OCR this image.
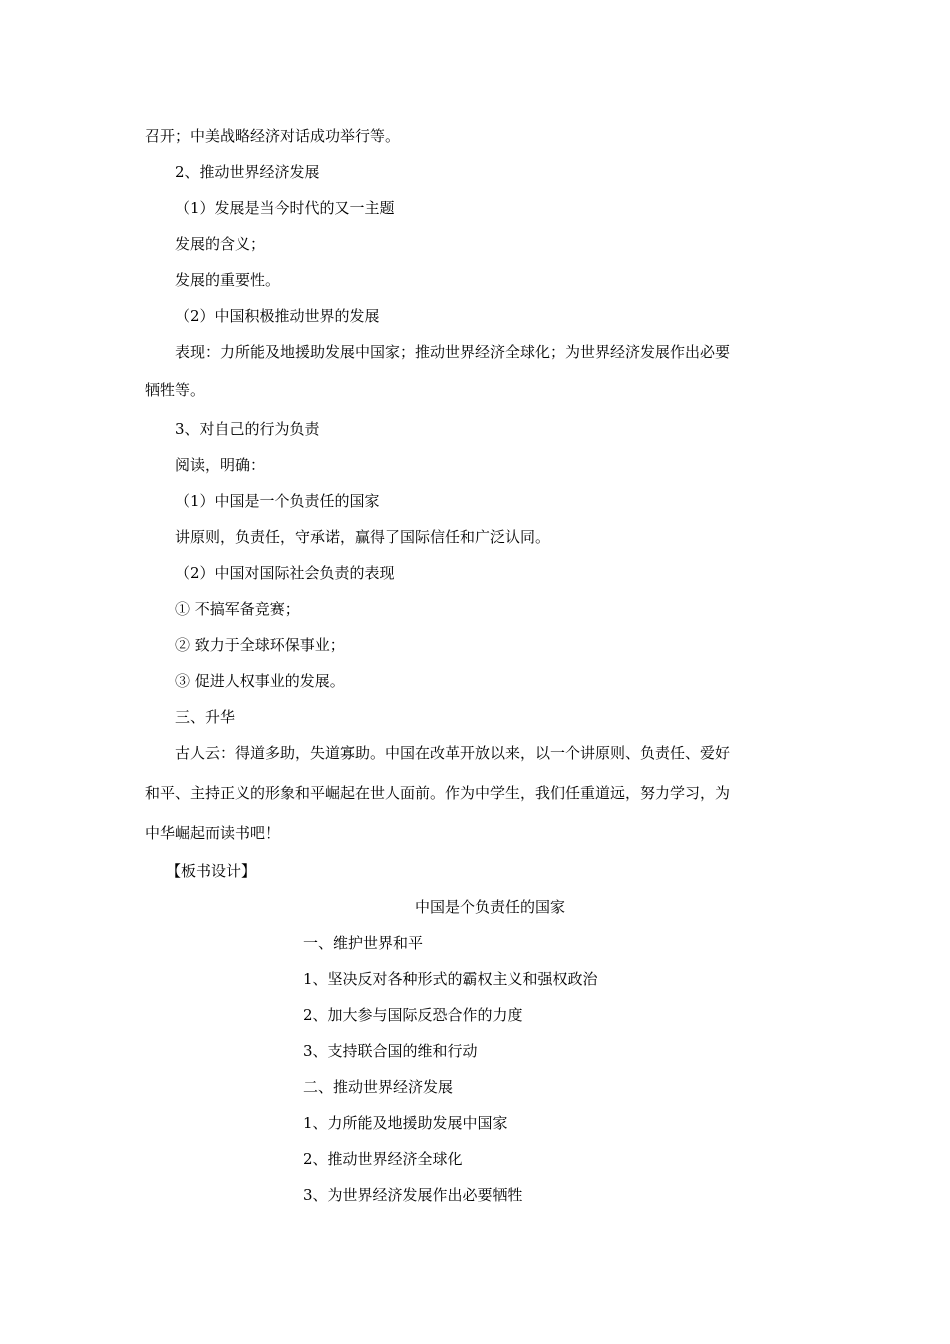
召开；中美战略经济对话成功举行等。
2、推动世界经济发展
（1）发展是当今时代的又一主题
发展的含义；
发展的重要性。
（2）中国积极推动世界的发展
表现：力所能及地援助发展中国家；推动世界经济全球化；为世界经济发展作出必要
牺牲等。
3、对自己的行为负责
阅读，明确：
（1）中国是一个负责任的国家
讲原则，负责任，守承诺，赢得了国际信任和广泛认同。
（2）中国对国际社会负责的表现
① 不搞军备竞赛；
② 致力于全球环保事业；
③ 促进人权事业的发展。
三、升华
古人云：得道多助，失道寡助。中国在改革开放以来，以一个讲原则、负责任、爱好
和平、主持正义的形象和平崛起在世人面前。作为中学生，我们任重道远，努力学习，为
中华崛起而读书吧！
【板书设计】
中国是个负责任的国家
一、维护世界和平
1、坚决反对各种形式的霸权主义和强权政治
2、加大参与国际反恐合作的力度
3、支持联合国的维和行动
二、推动世界经济发展
1、力所能及地援助发展中国家
2、推动世界经济全球化
3、为世界经济发展作出必要牺牲
